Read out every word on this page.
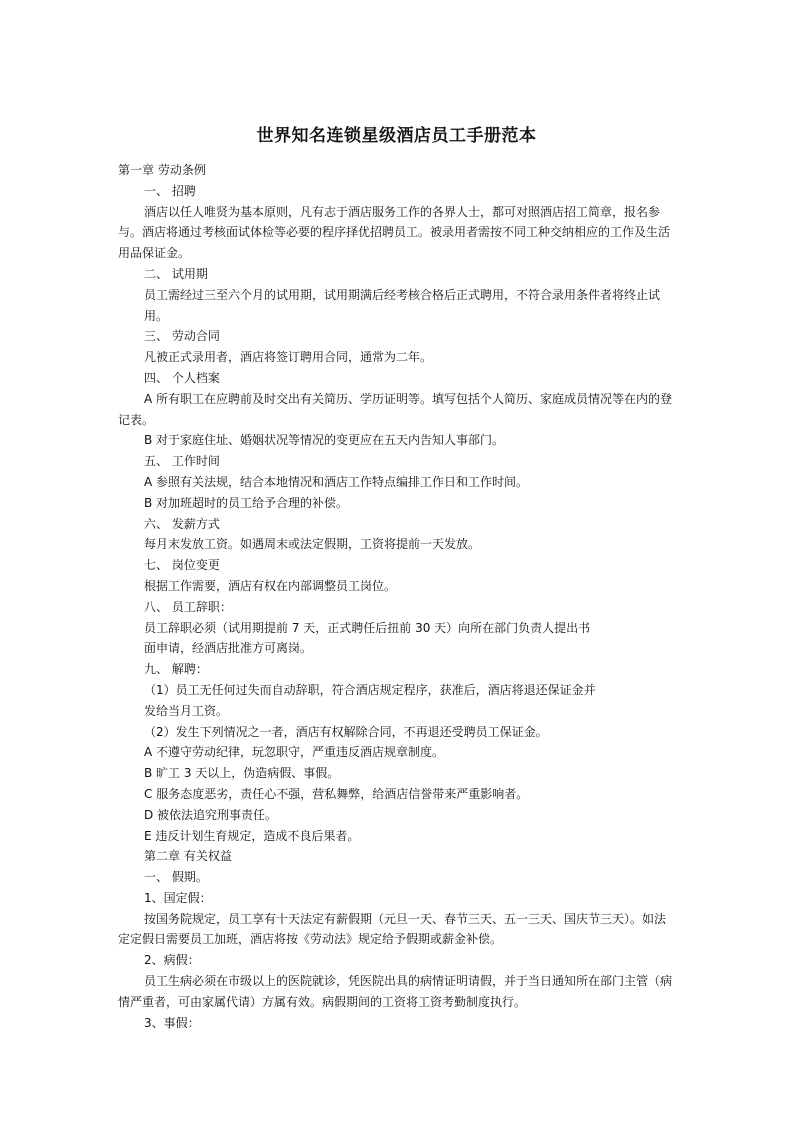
世界知名连锁星级酒店员工手册范本

第一章 劳动条例

一、 招聘

酒店以任人唯贤为基本原则，凡有志于酒店服务工作的各界人士，都可对照酒店招工简章，报名参与。酒店将通过考核面试体检等必要的程序择优招聘员工。被录用者需按不同工种交纳相应的工作及生活用品保证金。

二、 试用期

员工需经过三至六个月的试用期，试用期满后经考核合格后正式聘用，不符合录用条件者将终止试用。

三、 劳动合同

凡被正式录用者，酒店将签订聘用合同，通常为二年。

四、 个人档案

A 所有职工在应聘前及时交出有关简历、学历证明等。填写包括个人简历、家庭成员情况等在内的登记表。

B 对于家庭住址、婚姻状况等情况的变更应在五天内告知人事部门。

五、 工作时间

A 参照有关法规，结合本地情况和酒店工作特点编排工作日和工作时间。

B 对加班超时的员工给予合理的补偿。

六、 发薪方式

每月末发放工资。如遇周末或法定假期，工资将提前一天发放。

七、 岗位变更

根据工作需要，酒店有权在内部调整员工岗位。

八、 员工辞职：

员工辞职必须（试用期提前 7 天，正式聘任后扭前 30 天）向所在部门负责人提出书

面申请，经酒店批准方可离岗。

九、 解聘：

（1）员工无任何过失而自动辞职，符合酒店规定程序，获准后，酒店将退还保证金并

发给当月工资。

（2）发生下列情况之一者，酒店有权解除合同，不再退还受聘员工保证金。

A 不遵守劳动纪律，玩忽职守，严重违反酒店规章制度。

B 旷工 3 天以上，伪造病假、事假。

C 服务态度恶劣，责任心不强，营私舞弊，给酒店信誉带来严重影响者。

D 被依法追究刑事责任。

E 违反计划生育规定，造成不良后果者。

第二章 有关权益

一、 假期。

1、国定假：

按国务院规定，员工享有十天法定有薪假期（元旦一天、春节三天、五一三天、国庆节三天）。如法定定假日需要员工加班，酒店将按《劳动法》规定给予假期或薪金补偿。

2、病假：

员工生病必须在市级以上的医院就诊，凭医院出具的病情证明请假，并于当日通知所在部门主管（病情严重者，可由家属代请）方属有效。病假期间的工资将工资考勤制度执行。

3、事假：
